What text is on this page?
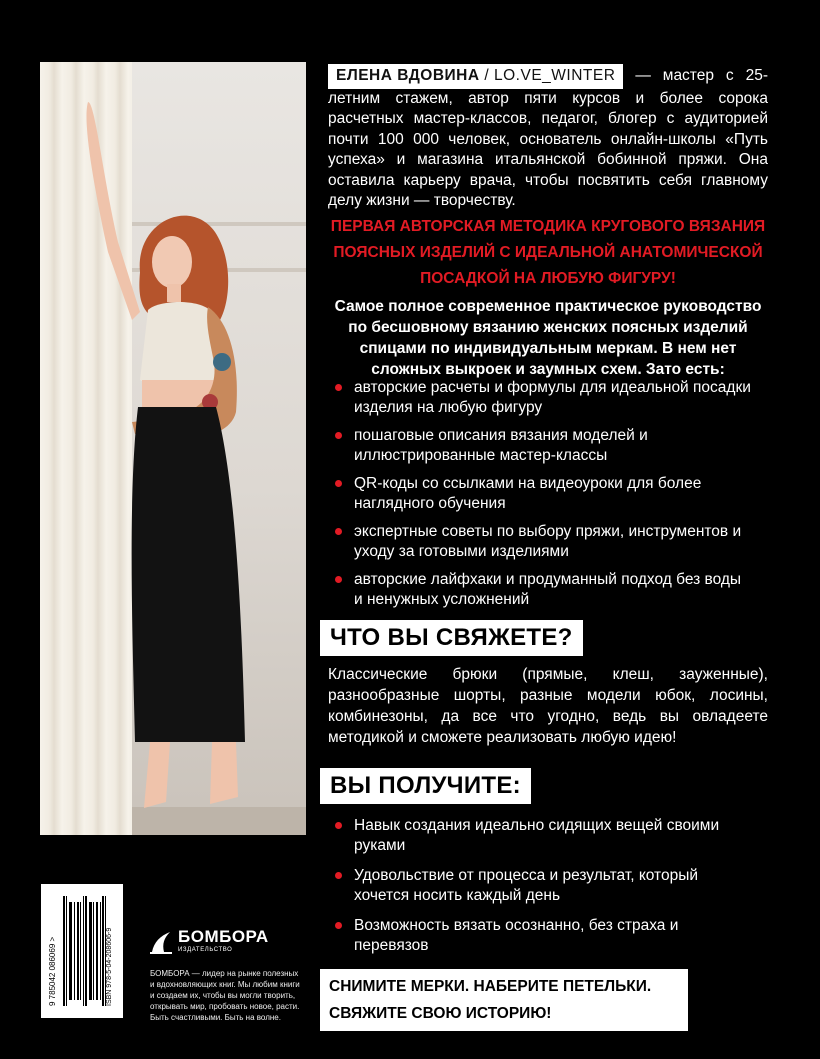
ЕЛЕНА ВДОВИНА / LO.VE_WINTER — мастер с 25-летним стажем, автор пяти курсов и более сорока расчетных мастер-классов, педагог, блогер с аудиторией почти 100 000 человек, основатель онлайн-школы «Путь успеха» и магазина итальянской бобинной пряжи. Она оставила карьеру врача, чтобы посвятить себя главному делу жизни — творчеству.
ПЕРВАЯ АВТОРСКАЯ МЕТОДИКА КРУГОВОГО ВЯЗАНИЯ ПОЯСНЫХ ИЗДЕЛИЙ С ИДЕАЛЬНОЙ АНАТОМИЧЕСКОЙ ПОСАДКОЙ НА ЛЮБУЮ ФИГУРУ!
Самое полное современное практическое руководство по бесшовному вязанию женских поясных изделий спицами по индивидуальным меркам. В нем нет сложных выкроек и заумных схем. Зато есть:
авторские расчеты и формулы для идеальной посадки изделия на любую фигуру
пошаговые описания вязания моделей и иллюстрированные мастер-классы
QR-коды со ссылками на видеоуроки для более наглядного обучения
экспертные советы по выбору пряжи, инструментов и уходу за готовыми изделиями
авторские лайфхаки и продуманный подход без воды и ненужных усложнений
ЧТО ВЫ СВЯЖЕТЕ?
Классические брюки (прямые, клеш, зауженные), разнообразные шорты, разные модели юбок, лосины, комбинезоны, да все что угодно, ведь вы овладеете методикой и сможете реализовать любую идею!
ВЫ ПОЛУЧИТЕ:
Навык создания идеально сидящих вещей своими руками
Удовольствие от процесса и результат, который хочется носить каждый день
Возможность вязать осознанно, без страха и перевязов
9 785042 086069 >	ISBN 978-5-04-208606-9	БОМБОРА
ИЗДАТЕЛЬСТВО
БОМБОРА — лидер на рынке полезных и вдохновляющих книг. Мы любим книги и создаем их, чтобы вы могли творить, открывать мир, пробовать новое, расти. Быть счастливыми. Быть на волне.
СНИМИТЕ МЕРКИ. НАБЕРИТЕ ПЕТЕЛЬКИ.
СВЯЖИТЕ СВОЮ ИСТОРИЮ!
